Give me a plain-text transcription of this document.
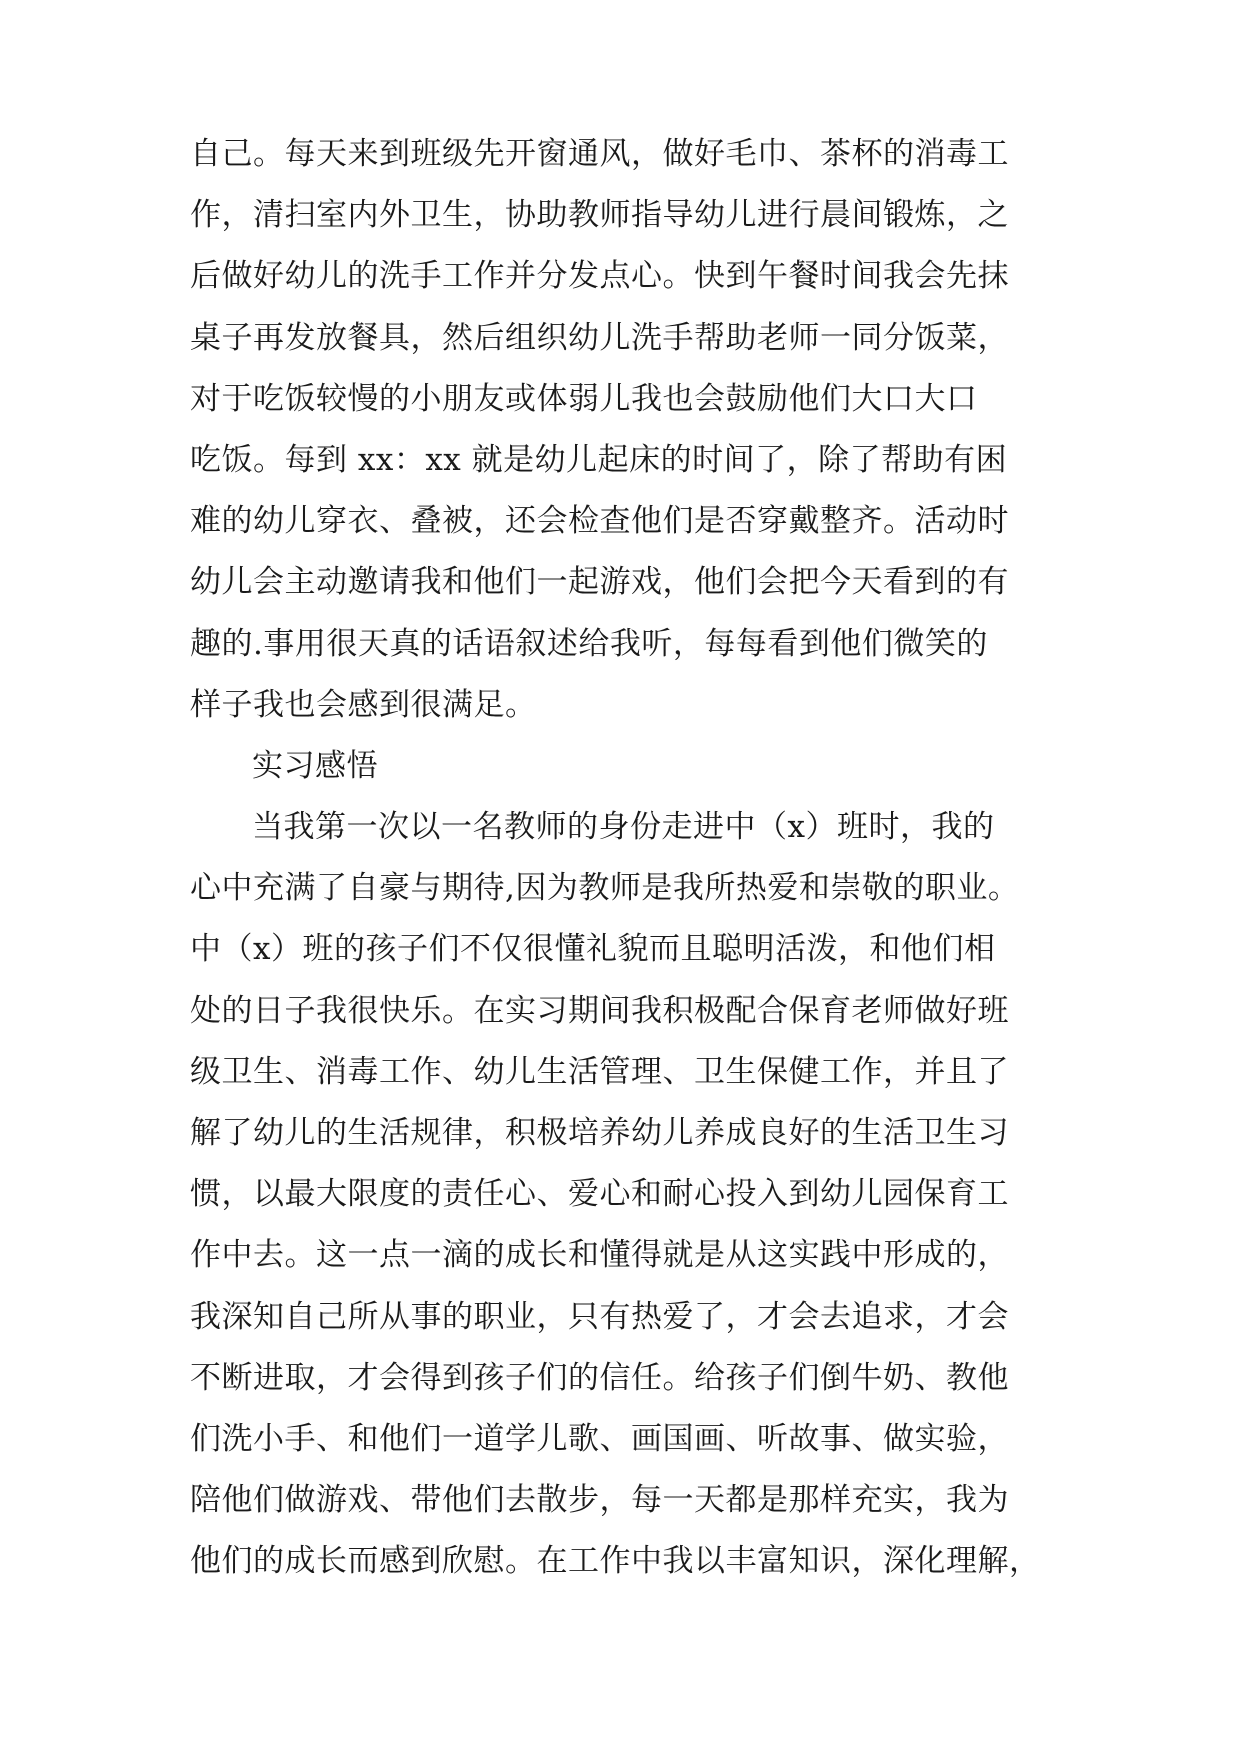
自己。每天来到班级先开窗通风，做好毛巾、茶杯的消毒工
作，清扫室内外卫生，协助教师指导幼儿进行晨间锻炼，之
后做好幼儿的洗手工作并分发点心。快到午餐时间我会先抹
桌子再发放餐具，然后组织幼儿洗手帮助老师一同分饭菜，
对于吃饭较慢的小朋友或体弱儿我也会鼓励他们大口大口
吃饭。每到 xx：xx 就是幼儿起床的时间了，除了帮助有困
难的幼儿穿衣、叠被，还会检查他们是否穿戴整齐。活动时
幼儿会主动邀请我和他们一起游戏，他们会把今天看到的有
趣的.事用很天真的话语叙述给我听，每每看到他们微笑的
样子我也会感到很满足。
实习感悟
当我第一次以一名教师的身份走进中（x）班时，我的
心中充满了自豪与期待,因为教师是我所热爱和崇敬的职业。
中（x）班的孩子们不仅很懂礼貌而且聪明活泼，和他们相
处的日子我很快乐。在实习期间我积极配合保育老师做好班
级卫生、消毒工作、幼儿生活管理、卫生保健工作，并且了
解了幼儿的生活规律，积极培养幼儿养成良好的生活卫生习
惯，以最大限度的责任心、爱心和耐心投入到幼儿园保育工
作中去。这一点一滴的成长和懂得就是从这实践中形成的，
我深知自己所从事的职业，只有热爱了，才会去追求，才会
不断进取，才会得到孩子们的信任。给孩子们倒牛奶、教他
们洗小手、和他们一道学儿歌、画国画、听故事、做实验，
陪他们做游戏、带他们去散步，每一天都是那样充实，我为
他们的成长而感到欣慰。在工作中我以丰富知识，深化理解，
